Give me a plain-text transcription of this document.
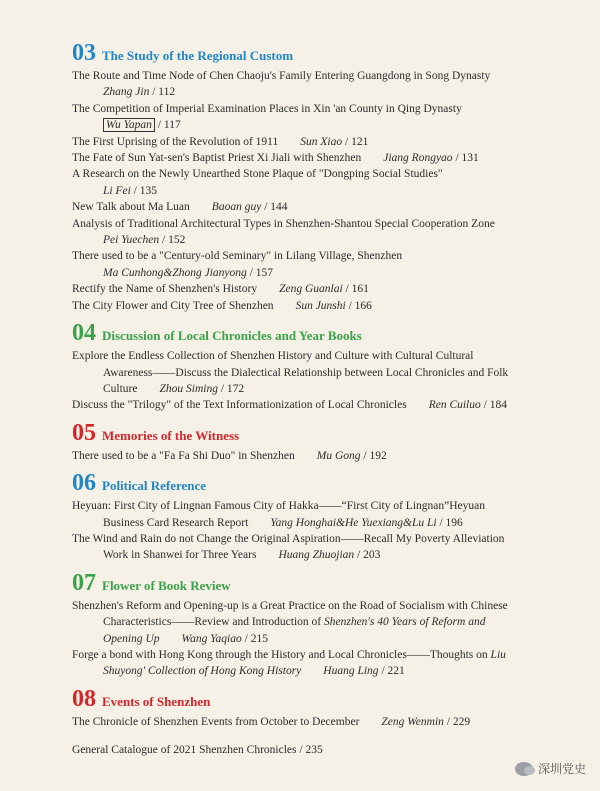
03 The Study of the Regional Custom
The Route and Time Node of Chen Chaoju's Family Entering Guangdong in Song Dynasty
Zhang Jin / 112
The Competition of Imperial Examination Places in Xin 'an County in Qing Dynasty
Wu Yapan / 117
The First Uprising of the Revolution of 1911 Sun Xiao / 121
The Fate of Sun Yat-sen's Baptist Priest Xi Jiali with Shenzhen Jiang Rongyao / 131
A Research on the Newly Unearthed Stone Plaque of "Dongping Social Studies"
Li Fei / 135
New Talk about Ma Luan Baoan guy / 144
Analysis of Traditional Architectural Types in Shenzhen-Shantou Special Cooperation Zone
Pei Yuechen / 152
There used to be a "Century-old Seminary" in Lilang Village, Shenzhen
Ma Cunhong&Zhong Jianyong / 157
Rectify the Name of Shenzhen's History Zeng Guanlai / 161
The City Flower and City Tree of Shenzhen Sun Junshi / 166
04 Discussion of Local Chronicles and Year Books
Explore the Endless Collection of Shenzhen History and Culture with Cultural Cultural
Awareness——Discuss the Dialectical Relationship between Local Chronicles and Folk
Culture Zhou Siming / 172
Discuss the "Trilogy" of the Text Informationization of Local Chronicles Ren Cuiluo / 184
05 Memories of the Witness
There used to be a "Fa Fa Shi Duo" in Shenzhen Mu Gong / 192
06 Political Reference
Heyuan: First City of Lingnan Famous City of Hakka——“First City of Lingnan”Heyuan
Business Card Research Report Yang Honghai&He Yuexiang&Lu Li / 196
The Wind and Rain do not Change the Original Aspiration——Recall My Poverty Alleviation
Work in Shanwei for Three Years Huang Zhuojian / 203
07 Flower of Book Review
Shenzhen's Reform and Opening-up is a Great Practice on the Road of Socialism with Chinese
Characteristics——Review and Introduction of Shenzhen's 40 Years of Reform and
Opening Up Wang Yaqiao / 215
Forge a bond with Hong Kong through the History and Local Chronicles——Thoughts on Liu
Shuyong' Collection of Hong Kong History Huang Ling / 221
08 Events of Shenzhen
The Chronicle of Shenzhen Events from October to December Zeng Wenmin / 229
General Catalogue of 2021 Shenzhen Chronicles / 235
深圳党史
